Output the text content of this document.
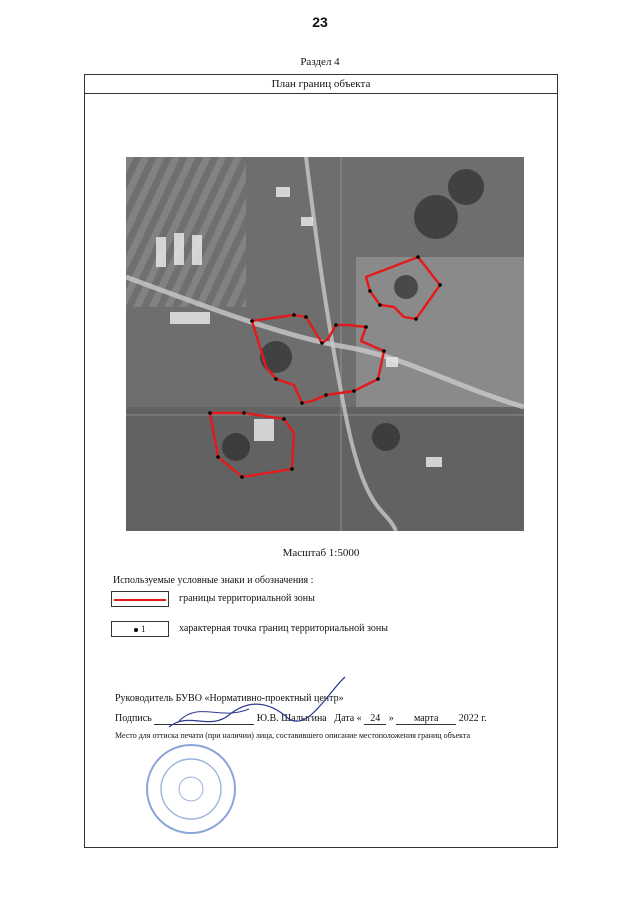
23
Раздел 4
План границ объекта
Масштаб 1:5000
Используемые условные знаки и обозначения :
границы территориальной зоны
1	характерная точка границ территориальной зоны
Руководитель БУВО «Нормативно-проектный центр»
Подпись	Ю.В. Шалыгина Дата « 24 » марта 2022 г.
Место для оттиска печати (при наличии) лица, составившего описание местоположения границ объекта
